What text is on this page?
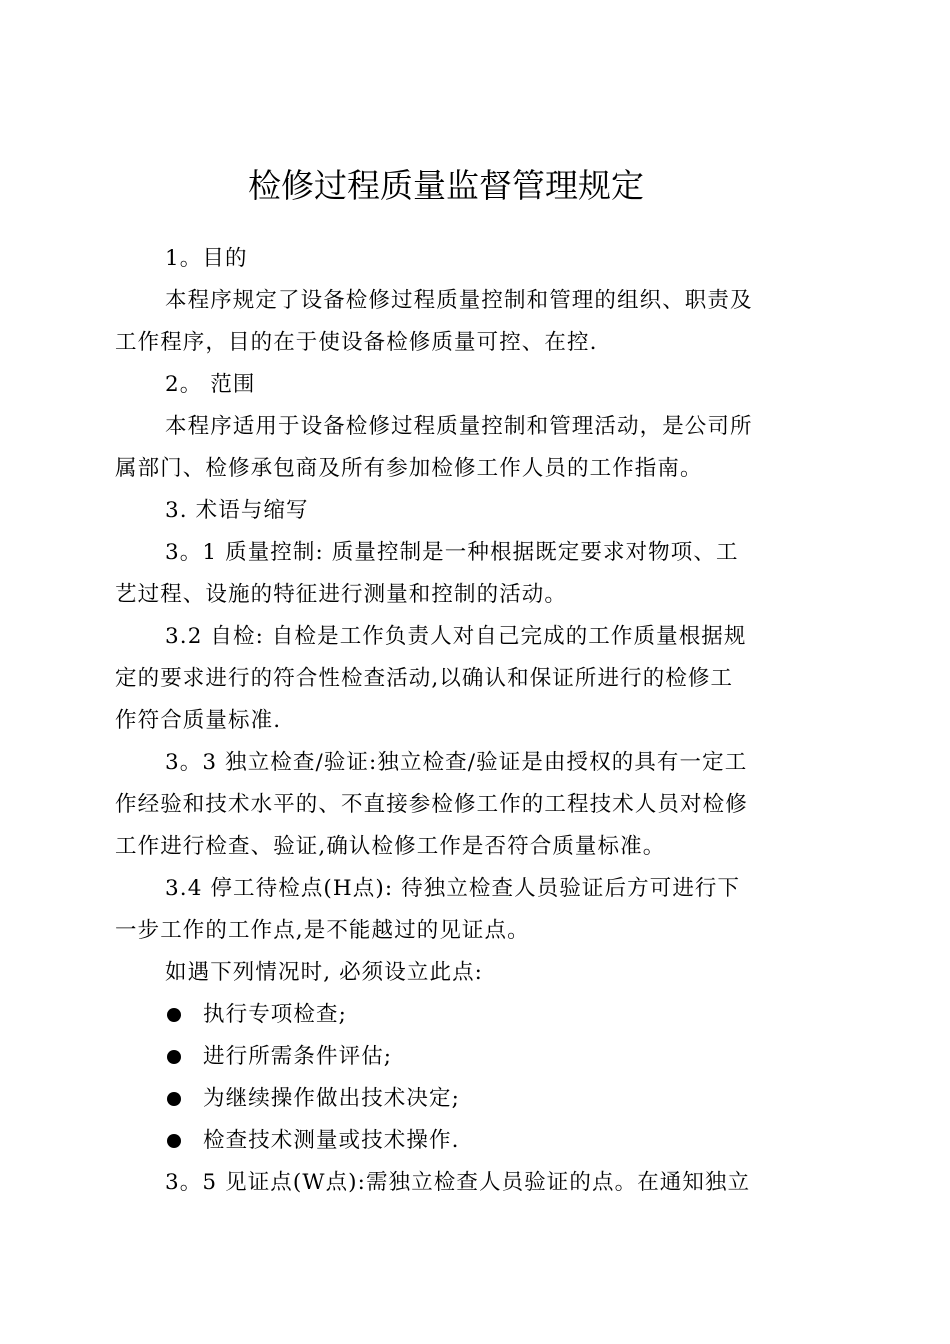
检修过程质量监督管理规定
1。目的
本程序规定了设备检修过程质量控制和管理的组织、职责及
工作程序，目的在于使设备检修质量可控、在控.
2。 范围
本程序适用于设备检修过程质量控制和管理活动，是公司所
属部门、检修承包商及所有参加检修工作人员的工作指南。
3. 术语与缩写
3。1 质量控制: 质量控制是一种根据既定要求对物项、工
艺过程、设施的特征进行测量和控制的活动。
3.2 自检: 自检是工作负责人对自己完成的工作质量根据规
定的要求进行的符合性检查活动,以确认和保证所进行的检修工
作符合质量标准.
3。3 独立检查/验证:独立检查/验证是由授权的具有一定工
作经验和技术水平的、不直接参检修工作的工程技术人员对检修
工作进行检查、验证,确认检修工作是否符合质量标准。
3.4 停工待检点(H点): 待独立检查人员验证后方可进行下
一步工作的工作点,是不能越过的见证点。
如遇下列情况时, 必须设立此点:
执行专项检查;
进行所需条件评估;
为继续操作做出技术决定;
检查技术测量或技术操作.
3。5 见证点(W点):需独立检查人员验证的点。在通知独立
